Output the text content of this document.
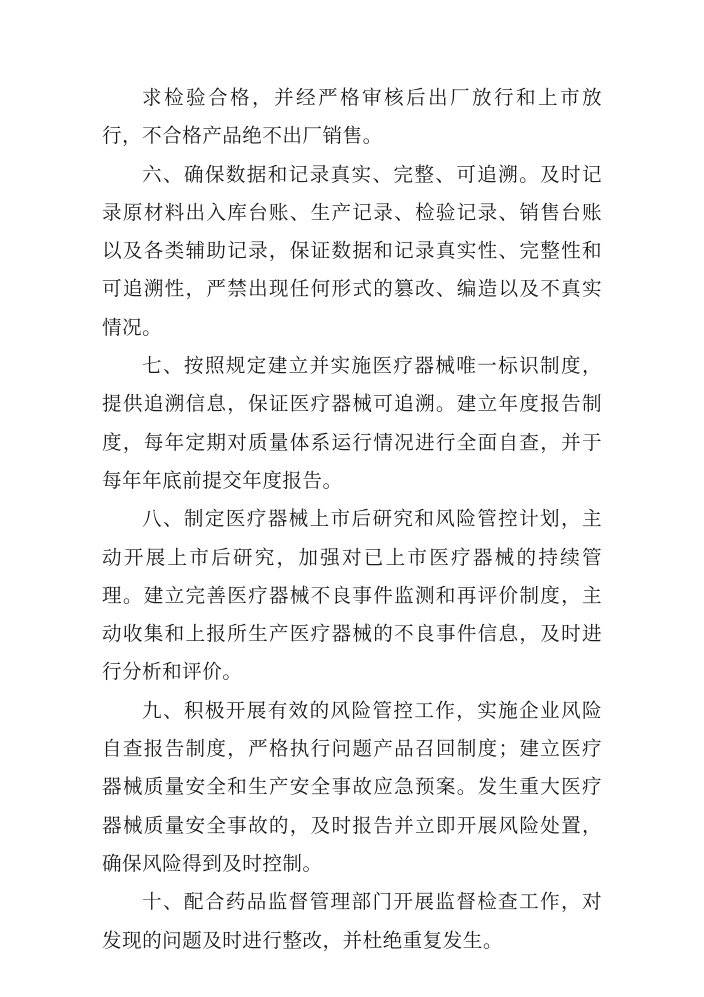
求检验合格，并经严格审核后出厂放行和上市放行，不合格产品绝不出厂销售。

六、确保数据和记录真实、完整、可追溯。及时记录原材料出入库台账、生产记录、检验记录、销售台账以及各类辅助记录，保证数据和记录真实性、完整性和可追溯性，严禁出现任何形式的篡改、编造以及不真实情况。

七、按照规定建立并实施医疗器械唯一标识制度，提供追溯信息，保证医疗器械可追溯。建立年度报告制度，每年定期对质量体系运行情况进行全面自查，并于每年年底前提交年度报告。

八、制定医疗器械上市后研究和风险管控计划，主动开展上市后研究，加强对已上市医疗器械的持续管理。建立完善医疗器械不良事件监测和再评价制度，主动收集和上报所生产医疗器械的不良事件信息，及时进行分析和评价。

九、积极开展有效的风险管控工作，实施企业风险自查报告制度，严格执行问题产品召回制度；建立医疗器械质量安全和生产安全事故应急预案。发生重大医疗器械质量安全事故的，及时报告并立即开展风险处置，确保风险得到及时控制。

十、配合药品监督管理部门开展监督检查工作，对发现的问题及时进行整改，并杜绝重复发生。
